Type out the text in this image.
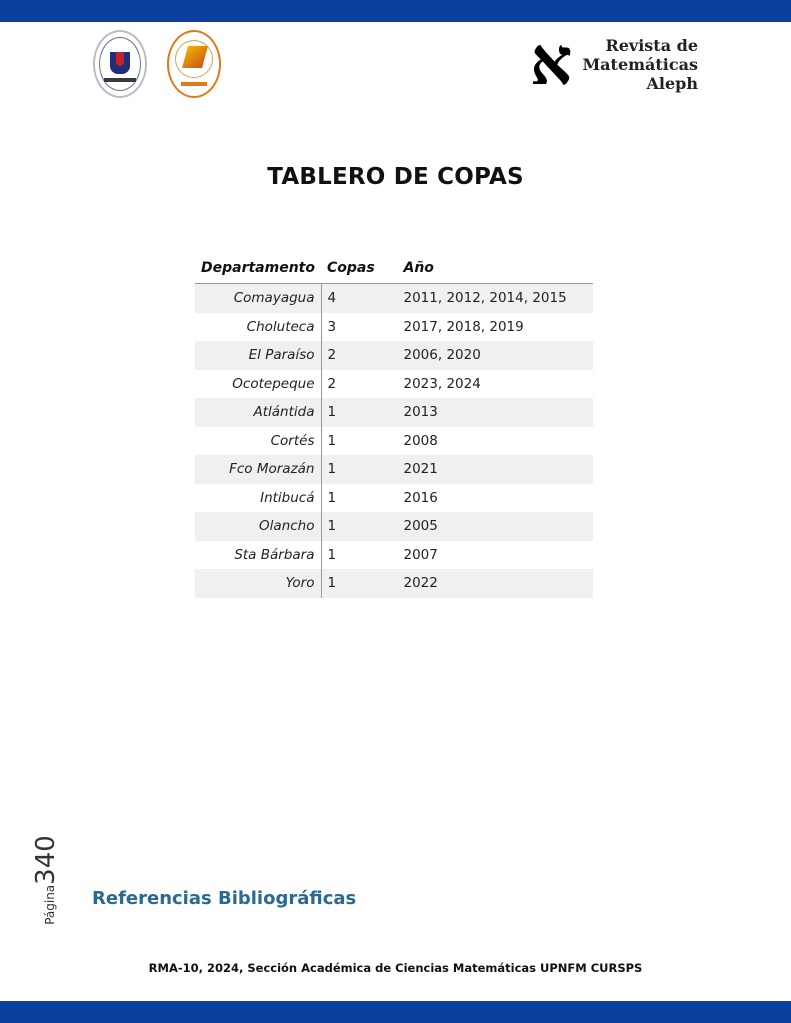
א	Revista de
Matemáticas
Aleph
TABLERO DE COPAS
Departamento	Copas	Año
Comayagua	4	2011, 2012, 2014, 2015
Choluteca	3	2017, 2018, 2019
El Paraíso	2	2006, 2020
Ocotepeque	2	2023, 2024
Atlántida	1	2013
Cortés	1	2008
Fco Morazán	1	2021
Intibucá	1	2016
Olancho	1	2005
Sta Bárbara	1	2007
Yoro	1	2022
Página340
Referencias Bibliográficas
RMA-10, 2024, Sección Académica de Ciencias Matemáticas UPNFM CURSPS
